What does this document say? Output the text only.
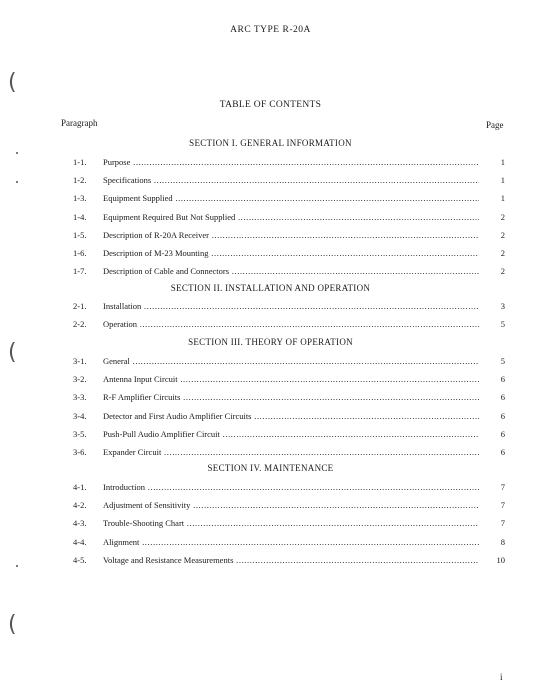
(
(
(
ARC TYPE R-20A
TABLE OF CONTENTS
Paragraph	Page
SECTION I. GENERAL INFORMATION
1-1.	Purpose .....	1
1-2.	Specifications .....	1
1-3.	Equipment Supplied .....	1
1-4.	Equipment Required But Not Supplied .....	2
1-5.	Description of R-20A Receiver .....	2
1-6.	Description of M-23 Mounting .....	2
1-7.	Description of Cable and Connectors .....	2
SECTION II. INSTALLATION AND OPERATION
2-1.	Installation .....	3
2-2.	Operation .....	5
SECTION III. THEORY OF OPERATION
3-1.	General .....	5
3-2.	Antenna Input Circuit .....	6
3-3.	R-F Amplifier Circuits .....	6
3-4.	Detector and First Audio Amplifier Circuits .....	6
3-5.	Push-Pull Audio Amplifier Circuit .....	6
3-6.	Expander Circuit .....	6
SECTION IV. MAINTENANCE
4-1.	Introduction .....	7
4-2.	Adjustment of Sensitivity .....	7
4-3.	Trouble-Shooting Chart .....	7
4-4.	Alignment .....	8
4-5.	Voltage and Resistance Measurements .....	10
i
